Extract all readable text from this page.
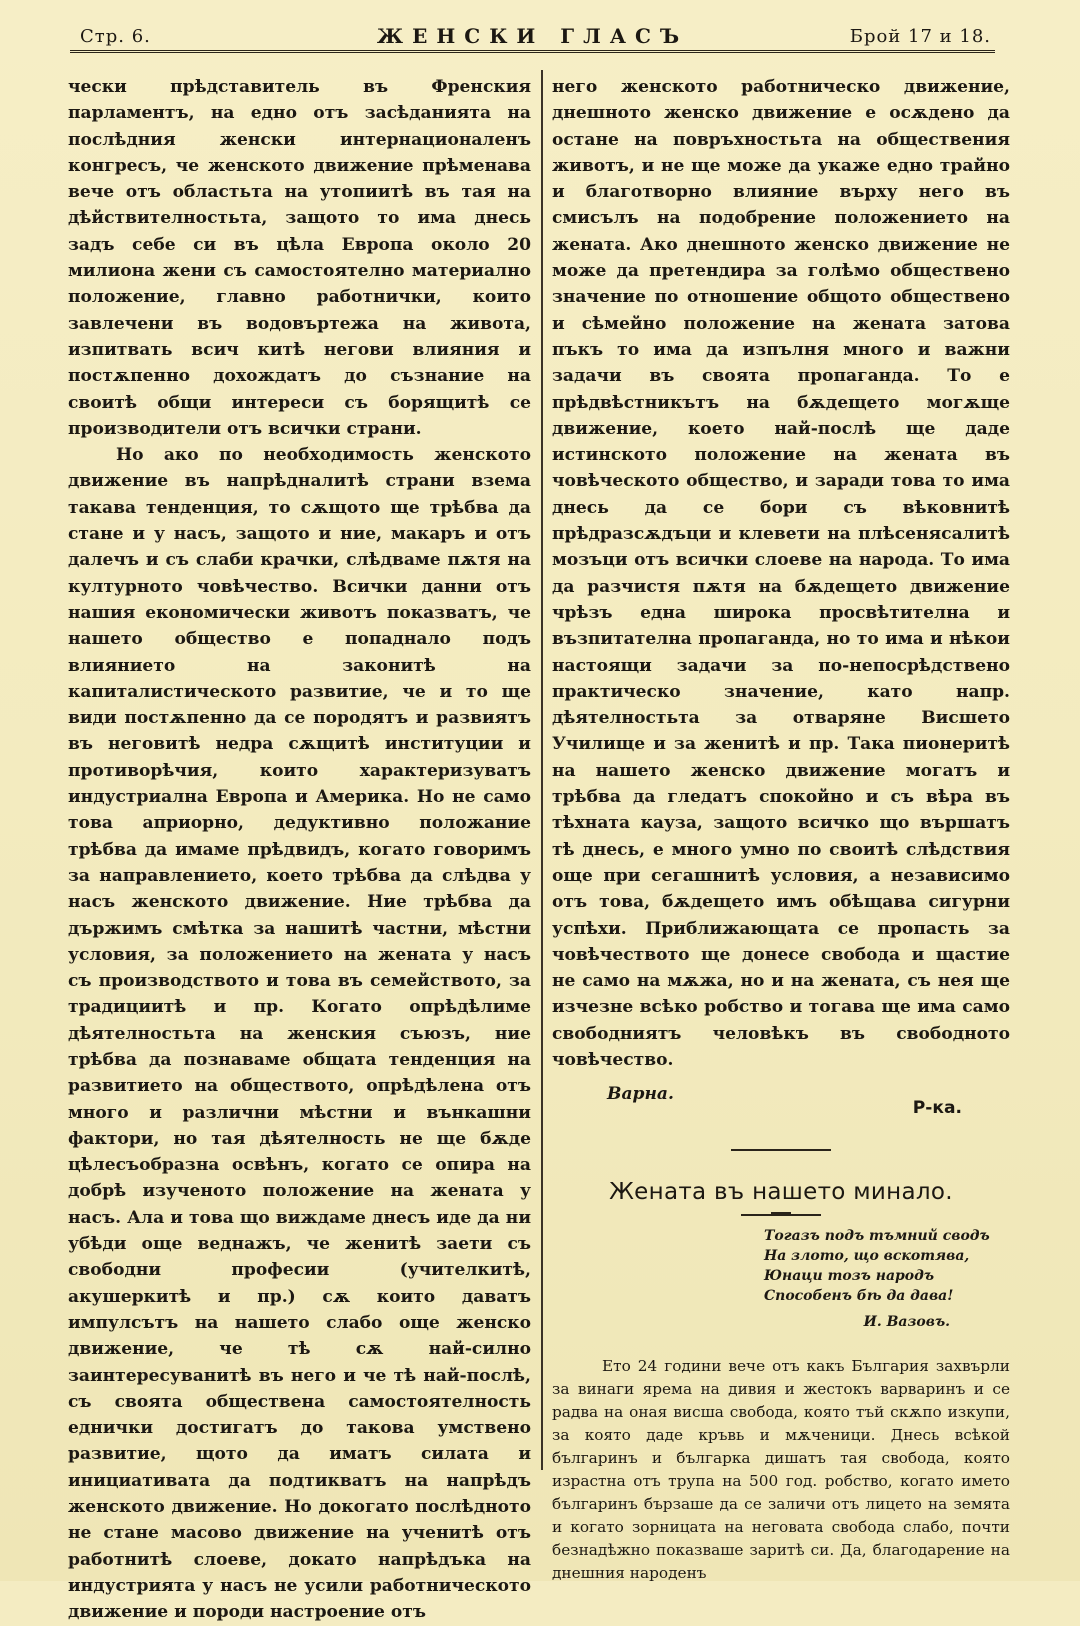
Стр. 6.	ЖЕНСКИ ГЛАСЪ	Брой 17 и 18.

чески прѣдставитель въ Френския парламентъ, на едно отъ засѣданията на послѣдния женски интернационаленъ конгресъ, че женското движение прѣменава вече отъ областьта на утопиитѣ въ тая на дѣйствителностьта, защото то има днесь задъ себе си въ цѣла Европа около 20 милиона жени съ самостоятелно материално положение, главно работнички, които завлечени въ водовъртежа на живота, изпитвать всич китѣ негови влияния и постѫпенно дохождатъ до съзнание на своитѣ общи интереси съ борящитѣ се производители отъ всички страни.

Но ако по необходимость женското движение въ напрѣдналитѣ страни взема такава тенденция, то сѫщото ще трѣбва да стане и у насъ, защото и ние, макаръ и отъ далечъ и съ слаби крачки, слѣдваме пѫтя на културното човѣчество. Всички данни отъ нашия економически животъ показватъ, че нашето общество е попаднало подъ влиянието на законитѣ на капиталистическото развитие, че и то ще види постѫпенно да се породятъ и развиятъ въ неговитѣ недра сѫщитѣ институции и противорѣчия, които характеризуватъ индустриална Европа и Америка. Но не само това априорно, дедуктивно положание трѣбва да имаме прѣдвидъ, когато говоримъ за направлението, което трѣбва да слѣдва у насъ женското движение. Ние трѣбва да държимъ смѣтка за нашитѣ частни, мѣстни условия, за положението на жената у насъ съ производството и това въ семейството, за традициитѣ и пр. Когато опрѣдѣлиме дѣятелностьта на женския съюзъ, ние трѣбва да познаваме общата тенденция на развитието на обществото, опрѣдѣлена отъ много и различни мѣстни и вънкашни фактори, но тая дѣятелность не ще бѫде цѣлесъобразна освѣнъ, когато се опира на добрѣ изученото положение на жената у насъ. Ала и това що виждаме днесъ иде да ни убѣди още веднажъ, че женитѣ заети съ свободни професии (учителкитѣ, акушеркитѣ и пр.) сѫ които даватъ импулсътъ на нашето слабо още женско движение, че тѣ сѫ най-силно заинтересуванитѣ въ него и че тѣ най-послѣ, съ своята обществена самостоятелность еднички достигатъ до такова умствено развитие, щото да иматъ силата и инициативата да подтикватъ на напрѣдъ женското движение. Но докогато послѣдното не стане масово движение на ученитѣ отъ работнитѣ слоеве, докато напрѣдъка на индустрията у насъ не усили работническото движение и породи настроение отъ

него женското работническо движение, днешното женско движение е осѫдено да остане на повръхностьта на обществения животъ, и не ще може да укаже едно трайно и благотворно влияние върху него въ смисълъ на подобрение положението на жената. Ако днешното женско движение не може да претендира за голѣмо обществено значение по отношение общото обществено и сѣмейно положение на жената затова пъкъ то има да изпълня много и важни задачи въ своята пропаганда. То е прѣдвѣстникътъ на бѫдещето могѫще движение, което най-послѣ ще даде истинското положение на жената въ човѣческото общество, и заради това то има днесь да се бори съ вѣковнитѣ прѣдразсѫдъци и клевети на плѣсенясалитѣ мозъци отъ всички слоеве на народа. То има да разчистя пѫтя на бѫдещето движение чрѣзъ една широка просвѣтителна и възпитателна пропаганда, но то има и нѣкои настоящи задачи за по-непосрѣдствено практическо значение, като напр. дѣятелностьта за отваряне Висшето Училище и за женитѣ и пр. Така пионеритѣ на нашето женско движение могатъ и трѣбва да гледатъ спокойно и съ вѣра въ тѣхната кауза, защото всичко що вършатъ тѣ днесь, е много умно по своитѣ слѣдствия още при сегашнитѣ условия, а независимо отъ това, бѫдещето имъ обѣщава сигурни успѣхи. Приближающата се пропасть за човѣчеството ще донесе свобода и щастие не само на мѫжа, но и на жената, съ нея ще изчезне всѣко робство и тогава ще има само свободниятъ человѣкъ въ свободното човѣчество.

Варна.
Р-ка.
Жената въ нашето минало.
Тогазъ подъ тъмний сводъ
На злото, що вскотява,
Юнаци тозъ народъ
Способенъ бѣ да дава!
И. Вазовъ.

Ето 24 години вече отъ какъ България захвърли за винаги ярема на дивия и жестокъ варваринъ и се радва на оная висша свобода, която тъй скѫпо изкупи, за която даде кръвь и мѫченици. Днесь всѣкой българинъ и българка дишатъ тая свобода, която израстна отъ трупа на 500 год. робство, когато името българинъ бързаше да се заличи отъ лицето на земята и когато зорницата на неговата свобода слабо, почти безнадѣжно показваше заритѣ си. Да, благодарение на днешния народенъ
